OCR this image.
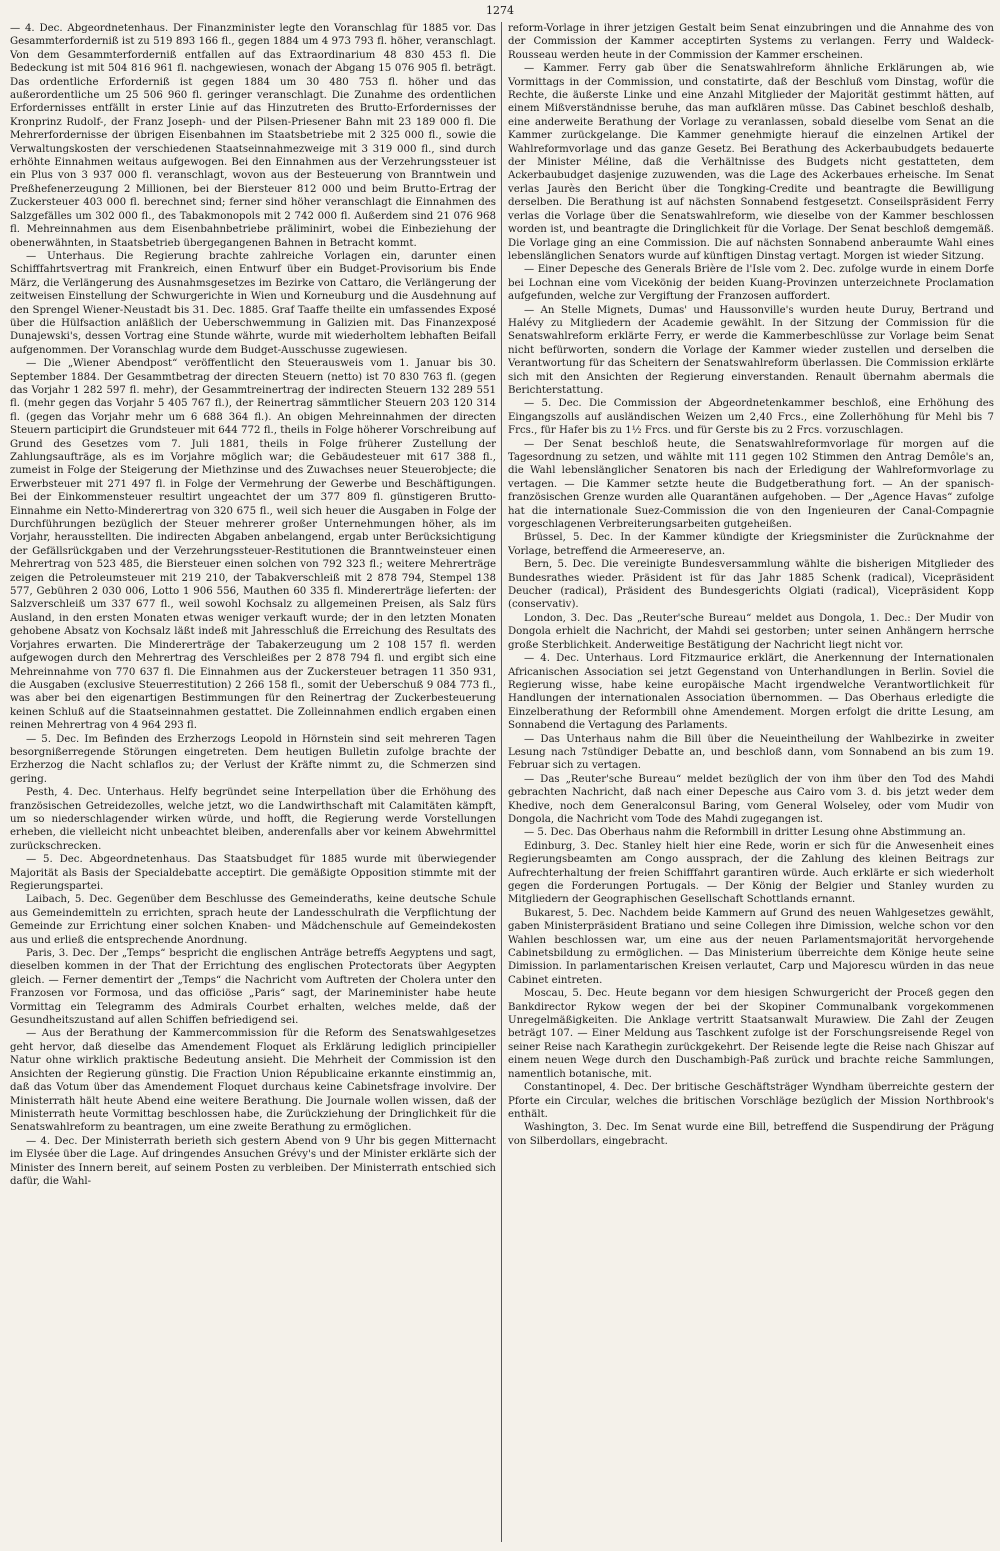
1274

— 4. Dec. Abgeordnetenhaus. Der Finanzminister legte den Voranschlag für 1885 vor. Das Gesammterforderniß ist zu 519 893 166 fl., gegen 1884 um 4 973 793 fl. höher, veranschlagt. Von dem Gesammterforderniß entfallen auf das Extraordinarium 48 830 453 fl. Die Bedeckung ist mit 504 816 961 fl. nachgewiesen, wonach der Abgang 15 076 905 fl. beträgt. Das ordentliche Erforderniß ist gegen 1884 um 30 480 753 fl. höher und das außerordentliche um 25 506 960 fl. geringer veranschlagt. Die Zunahme des ordentlichen Erfordernisses entfällt in erster Linie auf das Hinzutreten des Brutto-Erfordernisses der Kronprinz Rudolf-, der Franz Joseph- und der Pilsen-Priesener Bahn mit 23 189 000 fl. Die Mehrerfordernisse der übrigen Eisenbahnen im Staatsbetriebe mit 2 325 000 fl., sowie die Verwaltungskosten der verschiedenen Staatseinnahmezweige mit 3 319 000 fl., sind durch erhöhte Einnahmen weitaus aufgewogen. Bei den Einnahmen aus der Verzehrungssteuer ist ein Plus von 3 937 000 fl. veranschlagt, wovon aus der Besteuerung von Branntwein und Preßhefenerzeugung 2 Millionen, bei der Biersteuer 812 000 und beim Brutto-Ertrag der Zuckersteuer 403 000 fl. berechnet sind; ferner sind höher veranschlagt die Einnahmen des Salzgefälles um 302 000 fl., des Tabakmonopols mit 2 742 000 fl. Außerdem sind 21 076 968 fl. Mehreinnahmen aus dem Eisenbahnbetriebe präliminirt, wobei die Einbeziehung der obenerwähnten, in Staatsbetrieb übergegangenen Bahnen in Betracht kommt.

— Unterhaus. Die Regierung brachte zahlreiche Vorlagen ein, darunter einen Schifffahrtsvertrag mit Frankreich, einen Entwurf über ein Budget-Provisorium bis Ende März, die Verlängerung des Ausnahmsgesetzes im Bezirke von Cattaro, die Verlängerung der zeitweisen Einstellung der Schwurgerichte in Wien und Korneuburg und die Ausdehnung auf den Sprengel Wiener-Neustadt bis 31. Dec. 1885. Graf Taaffe theilte ein umfassendes Exposé über die Hülfsaction anläßlich der Ueberschwemmung in Galizien mit. Das Finanzexposé Dunajewski's, dessen Vortrag eine Stunde währte, wurde mit wiederholtem lebhaften Beifall aufgenommen. Der Voranschlag wurde dem Budget-Ausschusse zugewiesen.

— Die „Wiener Abendpost“ veröffentlicht den Steuerausweis vom 1. Januar bis 30. September 1884. Der Gesammtbetrag der directen Steuern (netto) ist 70 830 763 fl. (gegen das Vorjahr 1 282 597 fl. mehr), der Gesammtreinertrag der indirecten Steuern 132 289 551 fl. (mehr gegen das Vorjahr 5 405 767 fl.), der Reinertrag sämmtlicher Steuern 203 120 314 fl. (gegen das Vorjahr mehr um 6 688 364 fl.). An obigen Mehreinnahmen der directen Steuern participirt die Grundsteuer mit 644 772 fl., theils in Folge höherer Vorschreibung auf Grund des Gesetzes vom 7. Juli 1881, theils in Folge früherer Zustellung der Zahlungsaufträge, als es im Vorjahre möglich war; die Gebäudesteuer mit 617 388 fl., zumeist in Folge der Steigerung der Miethzinse und des Zuwachses neuer Steuerobjecte; die Erwerbsteuer mit 271 497 fl. in Folge der Vermehrung der Gewerbe und Beschäftigungen. Bei der Einkommensteuer resultirt ungeachtet der um 377 809 fl. günstigeren Brutto-Einnahme ein Netto-Minderertrag von 320 675 fl., weil sich heuer die Ausgaben in Folge der Durchführungen bezüglich der Steuer mehrerer großer Unternehmungen höher, als im Vorjahr, herausstellten. Die indirecten Abgaben anbelangend, ergab unter Berücksichtigung der Gefällsrückgaben und der Verzehrungssteuer-Restitutionen die Branntweinsteuer einen Mehrertrag von 523 485, die Biersteuer einen solchen von 792 323 fl.; weitere Mehrerträge zeigen die Petroleumsteuer mit 219 210, der Tabakverschleiß mit 2 878 794, Stempel 138 577, Gebühren 2 030 006, Lotto 1 906 556, Mauthen 60 335 fl. Mindererträge lieferten: der Salzverschleiß um 337 677 fl., weil sowohl Kochsalz zu allgemeinen Preisen, als Salz fürs Ausland, in den ersten Monaten etwas weniger verkauft wurde; der in den letzten Monaten gehobene Absatz von Kochsalz läßt indeß mit Jahresschluß die Erreichung des Resultats des Vorjahres erwarten. Die Mindererträge der Tabakerzeugung um 2 108 157 fl. werden aufgewogen durch den Mehrertrag des Verschleißes per 2 878 794 fl. und ergibt sich eine Mehreinnahme von 770 637 fl. Die Einnahmen aus der Zuckersteuer betragen 11 350 931, die Ausgaben (exclusive Steuerrestitution) 2 266 158 fl., somit der Ueberschuß 9 084 773 fl., was aber bei den eigenartigen Bestimmungen für den Reinertrag der Zuckerbesteuerung keinen Schluß auf die Staatseinnahmen gestattet. Die Zolleinnahmen endlich ergaben einen reinen Mehrertrag von 4 964 293 fl.

— 5. Dec. Im Befinden des Erzherzogs Leopold in Hörnstein sind seit mehreren Tagen besorgnißerregende Störungen eingetreten. Dem heutigen Bulletin zufolge brachte der Erzherzog die Nacht schlaflos zu; der Verlust der Kräfte nimmt zu, die Schmerzen sind gering.

Pesth, 4. Dec. Unterhaus. Helfy begründet seine Interpellation über die Erhöhung des französischen Getreidezolles, welche jetzt, wo die Landwirthschaft mit Calamitäten kämpft, um so niederschlagender wirken würde, und hofft, die Regierung werde Vorstellungen erheben, die vielleicht nicht unbeachtet bleiben, anderenfalls aber vor keinem Abwehrmittel zurückschrecken.

— 5. Dec. Abgeordnetenhaus. Das Staatsbudget für 1885 wurde mit überwiegender Majorität als Basis der Specialdebatte acceptirt. Die gemäßigte Opposition stimmte mit der Regierungspartei.

Laibach, 5. Dec. Gegenüber dem Beschlusse des Gemeinderaths, keine deutsche Schule aus Gemeindemitteln zu errichten, sprach heute der Landesschulrath die Verpflichtung der Gemeinde zur Errichtung einer solchen Knaben- und Mädchenschule auf Gemeindekosten aus und erließ die entsprechende Anordnung.

Paris, 3. Dec. Der „Temps“ bespricht die englischen Anträge betreffs Aegyptens und sagt, dieselben kommen in der That der Errichtung des englischen Protectorats über Aegypten gleich. — Ferner dementirt der „Temps“ die Nachricht vom Auftreten der Cholera unter den Franzosen vor Formosa, und das officiöse „Paris“ sagt, der Marineminister habe heute Vormittag ein Telegramm des Admirals Courbet erhalten, welches melde, daß der Gesundheitszustand auf allen Schiffen befriedigend sei.

— Aus der Berathung der Kammercommission für die Reform des Senatswahlgesetzes geht hervor, daß dieselbe das Amendement Floquet als Erklärung lediglich principieller Natur ohne wirklich praktische Bedeutung ansieht. Die Mehrheit der Commission ist den Ansichten der Regierung günstig. Die Fraction Union Républicaine erkannte einstimmig an, daß das Votum über das Amendement Floquet durchaus keine Cabinetsfrage involvire. Der Ministerrath hält heute Abend eine weitere Berathung. Die Journale wollen wissen, daß der Ministerrath heute Vormittag beschlossen habe, die Zurückziehung der Dringlichkeit für die Senatswahlreform zu beantragen, um eine zweite Berathung zu ermöglichen.

— 4. Dec. Der Ministerrath berieth sich gestern Abend von 9 Uhr bis gegen Mitternacht im Elysée über die Lage. Auf dringendes Ansuchen Grévy's und der Minister erklärte sich der Minister des Innern bereit, auf seinem Posten zu verbleiben. Der Ministerrath entschied sich dafür, die Wahl-

reform-Vorlage in ihrer jetzigen Gestalt beim Senat einzubringen und die Annahme des von der Commission der Kammer acceptirten Systems zu verlangen. Ferry und Waldeck-Rousseau werden heute in der Commission der Kammer erscheinen.

— Kammer. Ferry gab über die Senatswahlreform ähnliche Erklärungen ab, wie Vormittags in der Commission, und constatirte, daß der Beschluß vom Dinstag, wofür die Rechte, die äußerste Linke und eine Anzahl Mitglieder der Majorität gestimmt hätten, auf einem Mißverständnisse beruhe, das man aufklären müsse. Das Cabinet beschloß deshalb, eine anderweite Berathung der Vorlage zu veranlassen, sobald dieselbe vom Senat an die Kammer zurückgelange. Die Kammer genehmigte hierauf die einzelnen Artikel der Wahlreformvorlage und das ganze Gesetz. Bei Berathung des Ackerbaubudgets bedauerte der Minister Méline, daß die Verhältnisse des Budgets nicht gestatteten, dem Ackerbaubudget dasjenige zuzuwenden, was die Lage des Ackerbaues erheische. Im Senat verlas Jaurès den Bericht über die Tongking-Credite und beantragte die Bewilligung derselben. Die Berathung ist auf nächsten Sonnabend festgesetzt. Conseilspräsident Ferry verlas die Vorlage über die Senatswahlreform, wie dieselbe von der Kammer beschlossen worden ist, und beantragte die Dringlichkeit für die Vorlage. Der Senat beschloß demgemäß. Die Vorlage ging an eine Commission. Die auf nächsten Sonnabend anberaumte Wahl eines lebenslänglichen Senators wurde auf künftigen Dinstag vertagt. Morgen ist wieder Sitzung.

— Einer Depesche des Generals Brière de l'Isle vom 2. Dec. zufolge wurde in einem Dorfe bei Lochnan eine vom Vicekönig der beiden Kuang-Provinzen unterzeichnete Proclamation aufgefunden, welche zur Vergiftung der Franzosen auffordert.

— An Stelle Mignets, Dumas' und Haussonville's wurden heute Duruy, Bertrand und Halévy zu Mitgliedern der Academie gewählt. In der Sitzung der Commission für die Senatswahlreform erklärte Ferry, er werde die Kammerbeschlüsse zur Vorlage beim Senat nicht befürworten, sondern die Vorlage der Kammer wieder zustellen und derselben die Verantwortung für das Scheitern der Senatswahlreform überlassen. Die Commission erklärte sich mit den Ansichten der Regierung einverstanden. Renault übernahm abermals die Berichterstattung.

— 5. Dec. Die Commission der Abgeordnetenkammer beschloß, eine Erhöhung des Eingangszolls auf ausländischen Weizen um 2,40 Frcs., eine Zollerhöhung für Mehl bis 7 Frcs., für Hafer bis zu 1½ Frcs. und für Gerste bis zu 2 Frcs. vorzuschlagen.

— Der Senat beschloß heute, die Senatswahlreformvorlage für morgen auf die Tagesordnung zu setzen, und wählte mit 111 gegen 102 Stimmen den Antrag Demôle's an, die Wahl lebenslänglicher Senatoren bis nach der Erledigung der Wahlreformvorlage zu vertagen. — Die Kammer setzte heute die Budgetberathung fort. — An der spanisch-französischen Grenze wurden alle Quarantänen aufgehoben. — Der „Agence Havas“ zufolge hat die internationale Suez-Commission die von den Ingenieuren der Canal-Compagnie vorgeschlagenen Verbreiterungsarbeiten gutgeheißen.

Brüssel, 5. Dec. In der Kammer kündigte der Kriegsminister die Zurücknahme der Vorlage, betreffend die Armeereserve, an.

Bern, 5. Dec. Die vereinigte Bundesversammlung wählte die bisherigen Mitglieder des Bundesrathes wieder. Präsident ist für das Jahr 1885 Schenk (radical), Vicepräsident Deucher (radical), Präsident des Bundesgerichts Olgiati (radical), Vicepräsident Kopp (conservativ).

London, 3. Dec. Das „Reuter'sche Bureau“ meldet aus Dongola, 1. Dec.: Der Mudir von Dongola erhielt die Nachricht, der Mahdi sei gestorben; unter seinen Anhängern herrsche große Sterblichkeit. Anderweitige Bestätigung der Nachricht liegt nicht vor.

— 4. Dec. Unterhaus. Lord Fitzmaurice erklärt, die Anerkennung der Internationalen Africanischen Association sei jetzt Gegenstand von Unterhandlungen in Berlin. Soviel die Regierung wisse, habe keine europäische Macht irgendwelche Verantwortlichkeit für Handlungen der internationalen Association übernommen. — Das Oberhaus erledigte die Einzelberathung der Reformbill ohne Amendement. Morgen erfolgt die dritte Lesung, am Sonnabend die Vertagung des Parlaments.

— Das Unterhaus nahm die Bill über die Neueintheilung der Wahlbezirke in zweiter Lesung nach 7stündiger Debatte an, und beschloß dann, vom Sonnabend an bis zum 19. Februar sich zu vertagen.

— Das „Reuter'sche Bureau“ meldet bezüglich der von ihm über den Tod des Mahdi gebrachten Nachricht, daß nach einer Depesche aus Cairo vom 3. d. bis jetzt weder dem Khedive, noch dem Generalconsul Baring, vom General Wolseley, oder vom Mudir von Dongola, die Nachricht vom Tode des Mahdi zugegangen ist.

— 5. Dec. Das Oberhaus nahm die Reformbill in dritter Lesung ohne Abstimmung an.

Edinburg, 3. Dec. Stanley hielt hier eine Rede, worin er sich für die Anwesenheit eines Regierungsbeamten am Congo aussprach, der die Zahlung des kleinen Beitrags zur Aufrechterhaltung der freien Schifffahrt garantiren würde. Auch erklärte er sich wiederholt gegen die Forderungen Portugals. — Der König der Belgier und Stanley wurden zu Mitgliedern der Geographischen Gesellschaft Schottlands ernannt.

Bukarest, 5. Dec. Nachdem beide Kammern auf Grund des neuen Wahlgesetzes gewählt, gaben Ministerpräsident Bratiano und seine Collegen ihre Dimission, welche schon vor den Wahlen beschlossen war, um eine aus der neuen Parlamentsmajorität hervorgehende Cabinetsbildung zu ermöglichen. — Das Ministerium überreichte dem Könige heute seine Dimission. In parlamentarischen Kreisen verlautet, Carp und Majorescu würden in das neue Cabinet eintreten.

Moscau, 5. Dec. Heute begann vor dem hiesigen Schwurgericht der Proceß gegen den Bankdirector Rykow wegen der bei der Skopiner Communalbank vorgekommenen Unregelmäßigkeiten. Die Anklage vertritt Staatsanwalt Murawiew. Die Zahl der Zeugen beträgt 107. — Einer Meldung aus Taschkent zufolge ist der Forschungsreisende Regel von seiner Reise nach Karathegin zurückgekehrt. Der Reisende legte die Reise nach Ghiszar auf einem neuen Wege durch den Duschambigh-Paß zurück und brachte reiche Sammlungen, namentlich botanische, mit.

Constantinopel, 4. Dec. Der britische Geschäftsträger Wyndham überreichte gestern der Pforte ein Circular, welches die britischen Vorschläge bezüglich der Mission Northbrook's enthält.

Washington, 3. Dec. Im Senat wurde eine Bill, betreffend die Suspendirung der Prägung von Silberdollars, eingebracht.
